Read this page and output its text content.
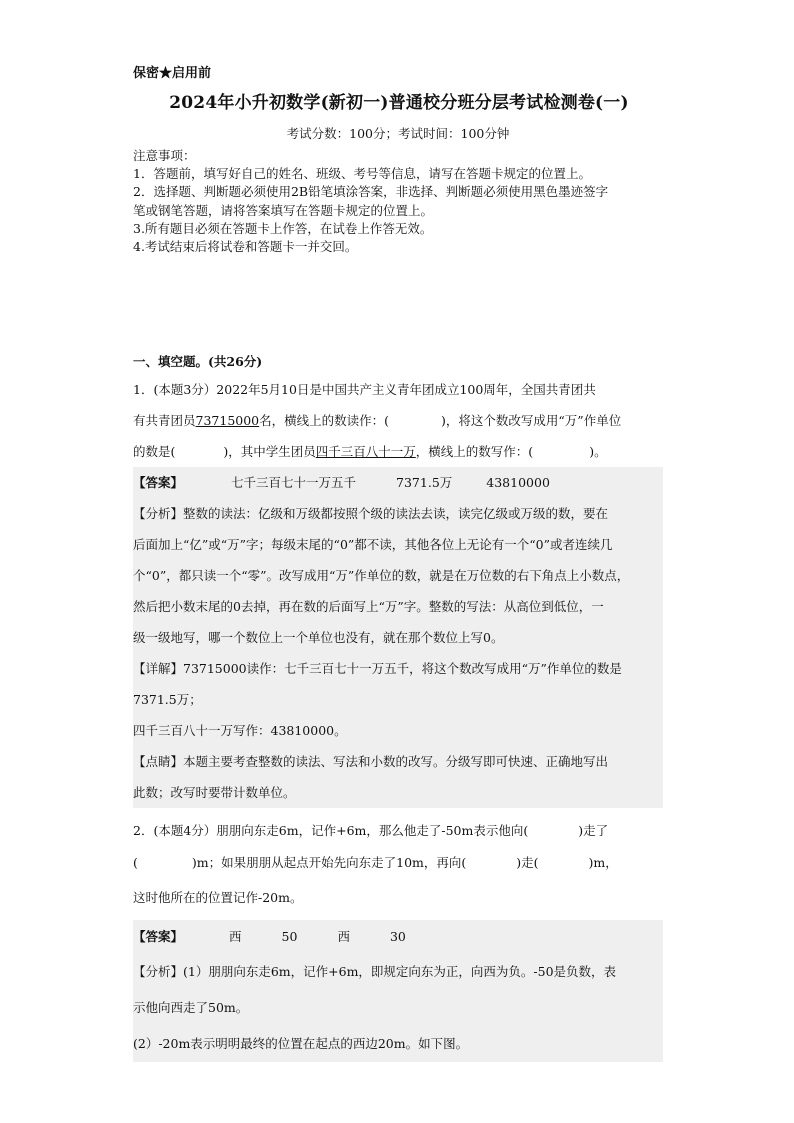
保密★启用前
2024年小升初数学(新初一)普通校分班分层考试检测卷(一)
考试分数：100分；考试时间：100分钟
注意事项：
1．答题前，填写好自己的姓名、班级、考号等信息，请写在答题卡规定的位置上。
2．选择题、判断题必须使用2B铅笔填涂答案，非选择、判断题必须使用黑色墨迹签字
笔或钢笔答题，请将答案填写在答题卡规定的位置上。
3.所有题目必须在答题卡上作答，在试卷上作答无效。
4.考试结束后将试卷和答题卡一并交回。
一、填空题。(共26分)
1．(本题3分）2022年5月10日是中国共产主义青年团成立100周年，全国共青团共
有共青团员73715000名，横线上的数读作：(	)，将这个数改写成用“万”作单位
的数是(	)，其中学生团员四千三百八十一万，横线上的数写作：(	)。
【答案】	七千三百七十一万五千	7371.5万	43810000
【分析】整数的读法：亿级和万级都按照个级的读法去读，读完亿级或万级的数，要在
后面加上“亿”或“万”字；每级末尾的“0”都不读，其他各位上无论有一个“0”或者连续几
个“0”，都只读一个“零”。改写成用“万”作单位的数，就是在万位数的右下角点上小数点，
然后把小数末尾的0去掉，再在数的后面写上“万”字。整数的写法：从高位到低位，一
级一级地写，哪一个数位上一个单位也没有，就在那个数位上写0。
【详解】73715000读作：七千三百七十一万五千，将这个数改写成用“万”作单位的数是
7371.5万；
四千三百八十一万写作：43810000。
【点睛】本题主要考查整数的读法、写法和小数的改写。分级写即可快速、正确地写出
此数；改写时要带计数单位。
2．(本题4分）朋朋向东走6m，记作+6m，那么他走了-50m表示他向(	)走了
(	)m；如果朋朋从起点开始先向东走了10m，再向(	)走(	)m，
这时他所在的位置记作-20m。
【答案】	西	50	西	30
【分析】(1）朋朋向东走6m，记作+6m，即规定向东为正，向西为负。-50是负数，表
示他向西走了50m。
(2）-20m表示明明最终的位置在起点的西边20m。如下图。
